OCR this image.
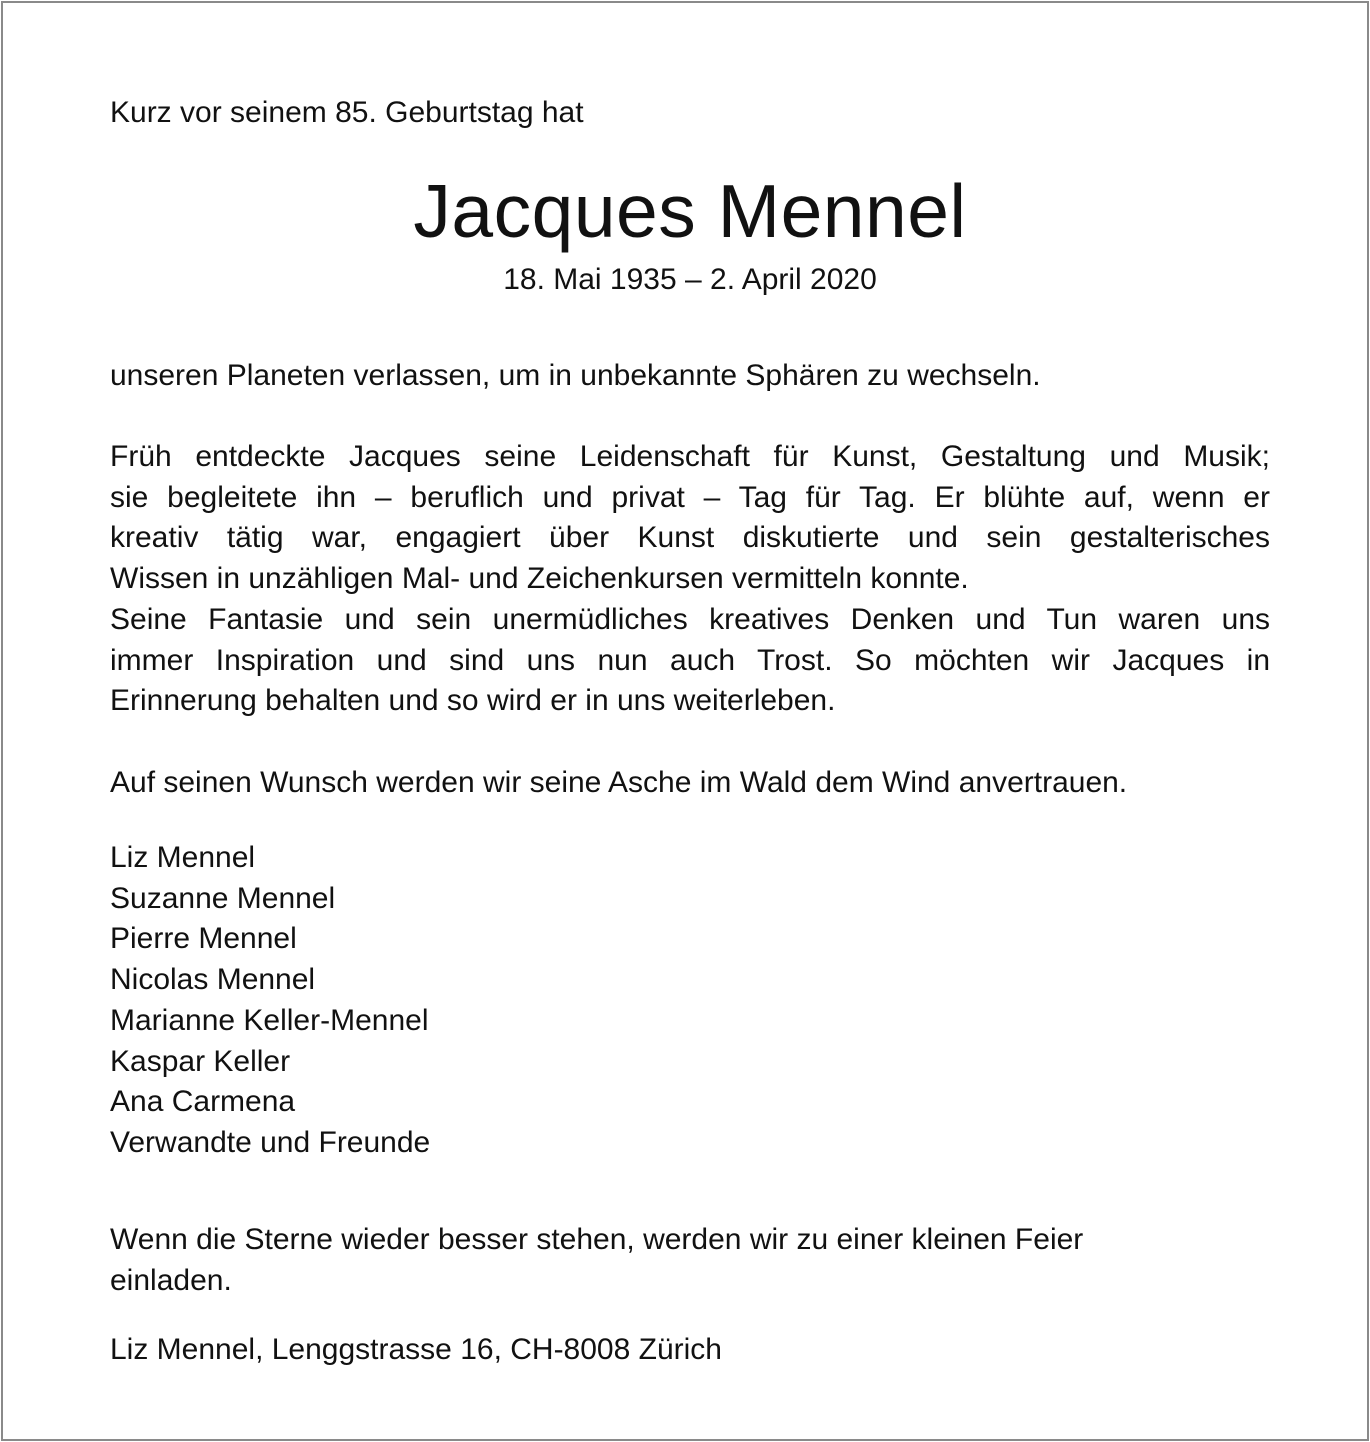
Kurz vor seinem 85. Geburtstag hat
Jacques Mennel
18. Mai 1935 – 2. April 2020
unseren Planeten verlassen, um in unbekannte Sphären zu wechseln.
Früh entdeckte Jacques seine Leidenschaft für Kunst, Gestaltung und Musik;
sie begleitete ihn – beruflich und privat – Tag für Tag. Er blühte auf, wenn er
kreativ tätig war, engagiert über Kunst diskutierte und sein gestalterisches
Wissen in unzähligen Mal- und Zeichenkursen vermitteln konnte.
Seine Fantasie und sein unermüdliches kreatives Denken und Tun waren uns
immer Inspiration und sind uns nun auch Trost. So möchten wir Jacques in
Erinnerung behalten und so wird er in uns weiterleben.
Auf seinen Wunsch werden wir seine Asche im Wald dem Wind anvertrauen.
Liz Mennel
Suzanne Mennel
Pierre Mennel
Nicolas Mennel
Marianne Keller-Mennel
Kaspar Keller
Ana Carmena
Verwandte und Freunde
Wenn die Sterne wieder besser stehen, werden wir zu einer kleinen Feier
einladen.
Liz Mennel, Lenggstrasse 16, CH-8008 Zürich
